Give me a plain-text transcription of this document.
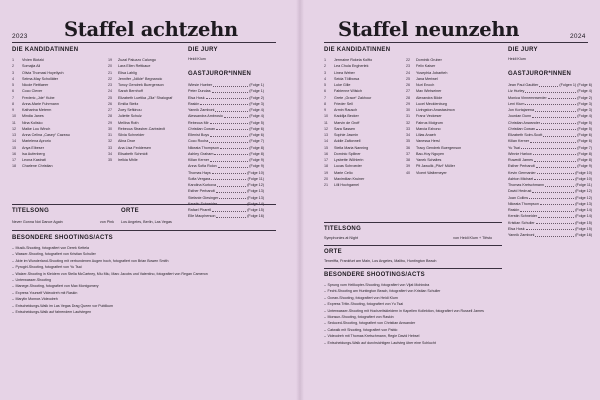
2023 Staffel achtzehn
DIE KANDIDATINNEN
1 Vivien Blotzki
2 Somajia Ali
3 Olivia Thomasi Hoyeliyoh
4 Selma-May Scholläter
5 Nicole Rettlaeer
6 Coco Clever
7 Frederic „Jde“ Kube
8 Anna-Marie Fuhrmann
9 Katharina Meterm
10 Mindia Janes
11 Nina Kolisko
12 Maike Lou Winch
13 Anna Celina „Casey“ Cazeau
14 Marielena Aprorio
15 Anya Elbeser
16 Isa Aufenberg
17 Leona Kastrati
18 Charlene Christian
19 Zuzal Paluzzo Calungo
20 Lara Ellen Rettkaue
21 Elisa Lahlig
22 Jennifer „Jdikle“ Begnancic
23 Toncy Gendrek Buergenson
24 Sarah Bernhoff
25 Elizabeth Luetika „Zila“ Shalograf
26 Emilia Steitz
27 Zoey Sefkinou
28 Juliette Schulz
29 Mellina Roth
30 Rebecca Strasher-Carbstedt
31 Silvia Schneider
32 Alina Droe
33 Ana Lisa Feddersen
34 Elisabeth Schmidt
35 Irelkia Mhlle
DIE JURY
Heidi Klum
GASTJUROR*INNEN
Wiesie Hueber	(Folge 1)
Peter Dundas	(Folge 1)
Elsa Hosk	(Folge 2)
Raskin	(Folge 3)
Yannik Zamboni	(Folge 4)
Alessandra Ambrosio	(Folge 4)
Rebecca Mir	(Folge 5)
Christian Cowan	(Folge 6)
Ellenist Boys	(Folge 6)
Coco Rocha	(Folge 7)
Nikeata Thompson	(Folge 8)
Ashley Graham	(Folge 8)
Kilian Kerner	(Folge 9)
Anna Sofia Rolon	(Folge 9)
Thomas Hays	(Folge 10)
Sofia Vergara	(Folge 11)
Karolina Kurkova	(Folge 12)
Esther Perbandt	(Folge 13)
Stefanie Giesinger	(Folge 13)
Kerstin Schneider	(Folge 14)
Rafael Pharell	(Folge 15)
Elle Macpherson	(Folge 16)
TITELSONG
Never Gonna Not Dance Again	von Pink
ORTE
Los Angeles, Berlin, Las Vegas
BESONDERE SHOOTINGS/ACTS
– Musik-Shooting, fotografiert von Derek Kettela
– Wasser-Shooting, fotografiert von Kristian Schuller
– Akte im Wunderland-Shooting mit verbundenen Augen hoch, fotografiert von Brian Bowen Smith
– Pyrogirl-Shooting, fotografiert von Yu Tsai
– Walzer-Shooting in Kleidern von Stella McCartney, Miu Miu, Marc Jacobs und Valentino, fotografiert von Regan Cameron
– Unterwasser-Shooting
– Manege-Shooting, fotografiert von Max Montgomery
– Express Yourself Videodreh mit Raskin
– Marylin Monroe-Videodreh
– Entscheidungs-Walk im Las Vegas Drag Queen vor Publikum
– Entscheidungs-Walk auf fahrendem Laufstegen
2024
Staffel neunzehn
DIE KANDIDATINNEN
1 Jermaine Rokeia Kolfto
2 Lea Chula Engherlek
3 Linea Weber
4 Seida Töllbowa
5 Luke Gille
6 Fabienne Wilsich
7 Grete „Grace“ Zakhour
8 Frieder Sell
9 Armin Rausch
10 Kaddija Becker
11 Marvin de Groff
12 Sara Sassen
13 Sophie Jasmin
14 Addie Zaltonnell
15 Stella Maria Nanning
16 Dominic Spillner
17 Lysbette Wöhlerin
18 Lucas Schroeder
19 Marie Celio
20 Maximilian Kruiner
21 Lilli Hochgamel
22 Dominik Gruber
23 Felix Kaiser
24 Yusephia Jobariteh
25 Jana Meriwel
26 Nuri Enoch
27 Max Wintseiner
28 Alexandra Böde
29 Lucel Mecklenburg
30 Livingston Anastasimon
31 Franz Veckeser
32 Fabrus Molgrum
33 Marcia Ezbono
34 Lilias Anaeh
35 Vanessa Hersl
36 Tracy Gendrek Buergenson
37 Bao-Hoy Nguyen
38 Yanek Schaltes
39 Pit Jawulik „Pitzi“ Müller
40 Vicent Waltemeyer
DIE JURY
Heidi Klum
GASTJUROR*INNEN
Jean Paul Gaultier	(Folgen 1) (Folge 6)
Liz Hurley	(Folge 4)
Monica Vinnemnwerder	(Folge 2)
Leni Klum	(Folge 3)
Jon Kortajarena	(Folge 3)
Jourdan Dunn	(Folge 4)
Christian Anwander	(Folge 5)
Christian Cowan	(Folge 5)
Elizabeth Solm-Scott	(Folge 6)
Kilian Kerner	(Folge 6)
Yu Tsai	(Folge 7)
Winnie Harlow	(Folge 8)
Ruwedil James	(Folge 8)
Esther Perbandt	(Folge 9)
Kevin Germanier	(Folge 10)
Ashton Michael	(Folge 10)
Thomas Kretschmann	(Folge 11)
David Hedrust	(Folge 12)
Joan Collins	(Folge 12)
Nikeata Thompson	(Folge 13)
Raskin	(Folge 14)
Kerstin Schneider	(Folge 14)
Kristian Schuller	(Folge 15)
Elsa Hosk	(Folge 15)
Yannik Zamboni	(Folge 16)
TITELSONG
Symphonies at Night	von Heidi Klum + Tiësto
ORTE
Teneriffa, Frankfurt am Main, Los Angeles, Malibu, Huntington Beach
BESONDERE SHOOTINGS/ACTS
– Sprung vom Helikopter-Shooting, fotografiert von Vijat Mohindra
– Fecht-Shooting am Huntington Beach, fotografiert von Kristian Schuller
– Ocean-Shooting, fotografiert von Heidi Klum
– Express Tritin-Shooting, fotografiert von Yu Tsai
– Unterwasser-Shooting mit Hochzeitskleidern in Kapellen Kollektion, fotografiert von Russell James
– Monsun-Shooting, fotografiert von Raskin
– Seduced-Shooting, fotografiert von Christian Anwander
– Catwalk mit Shooting, fotografiert von Pablo
– Videodreh mit Thomas Kretschmann, Regie David Hebsel
– Entscheidungs-Walk auf durchsichtigen Laufsteg über eine Schlucht
